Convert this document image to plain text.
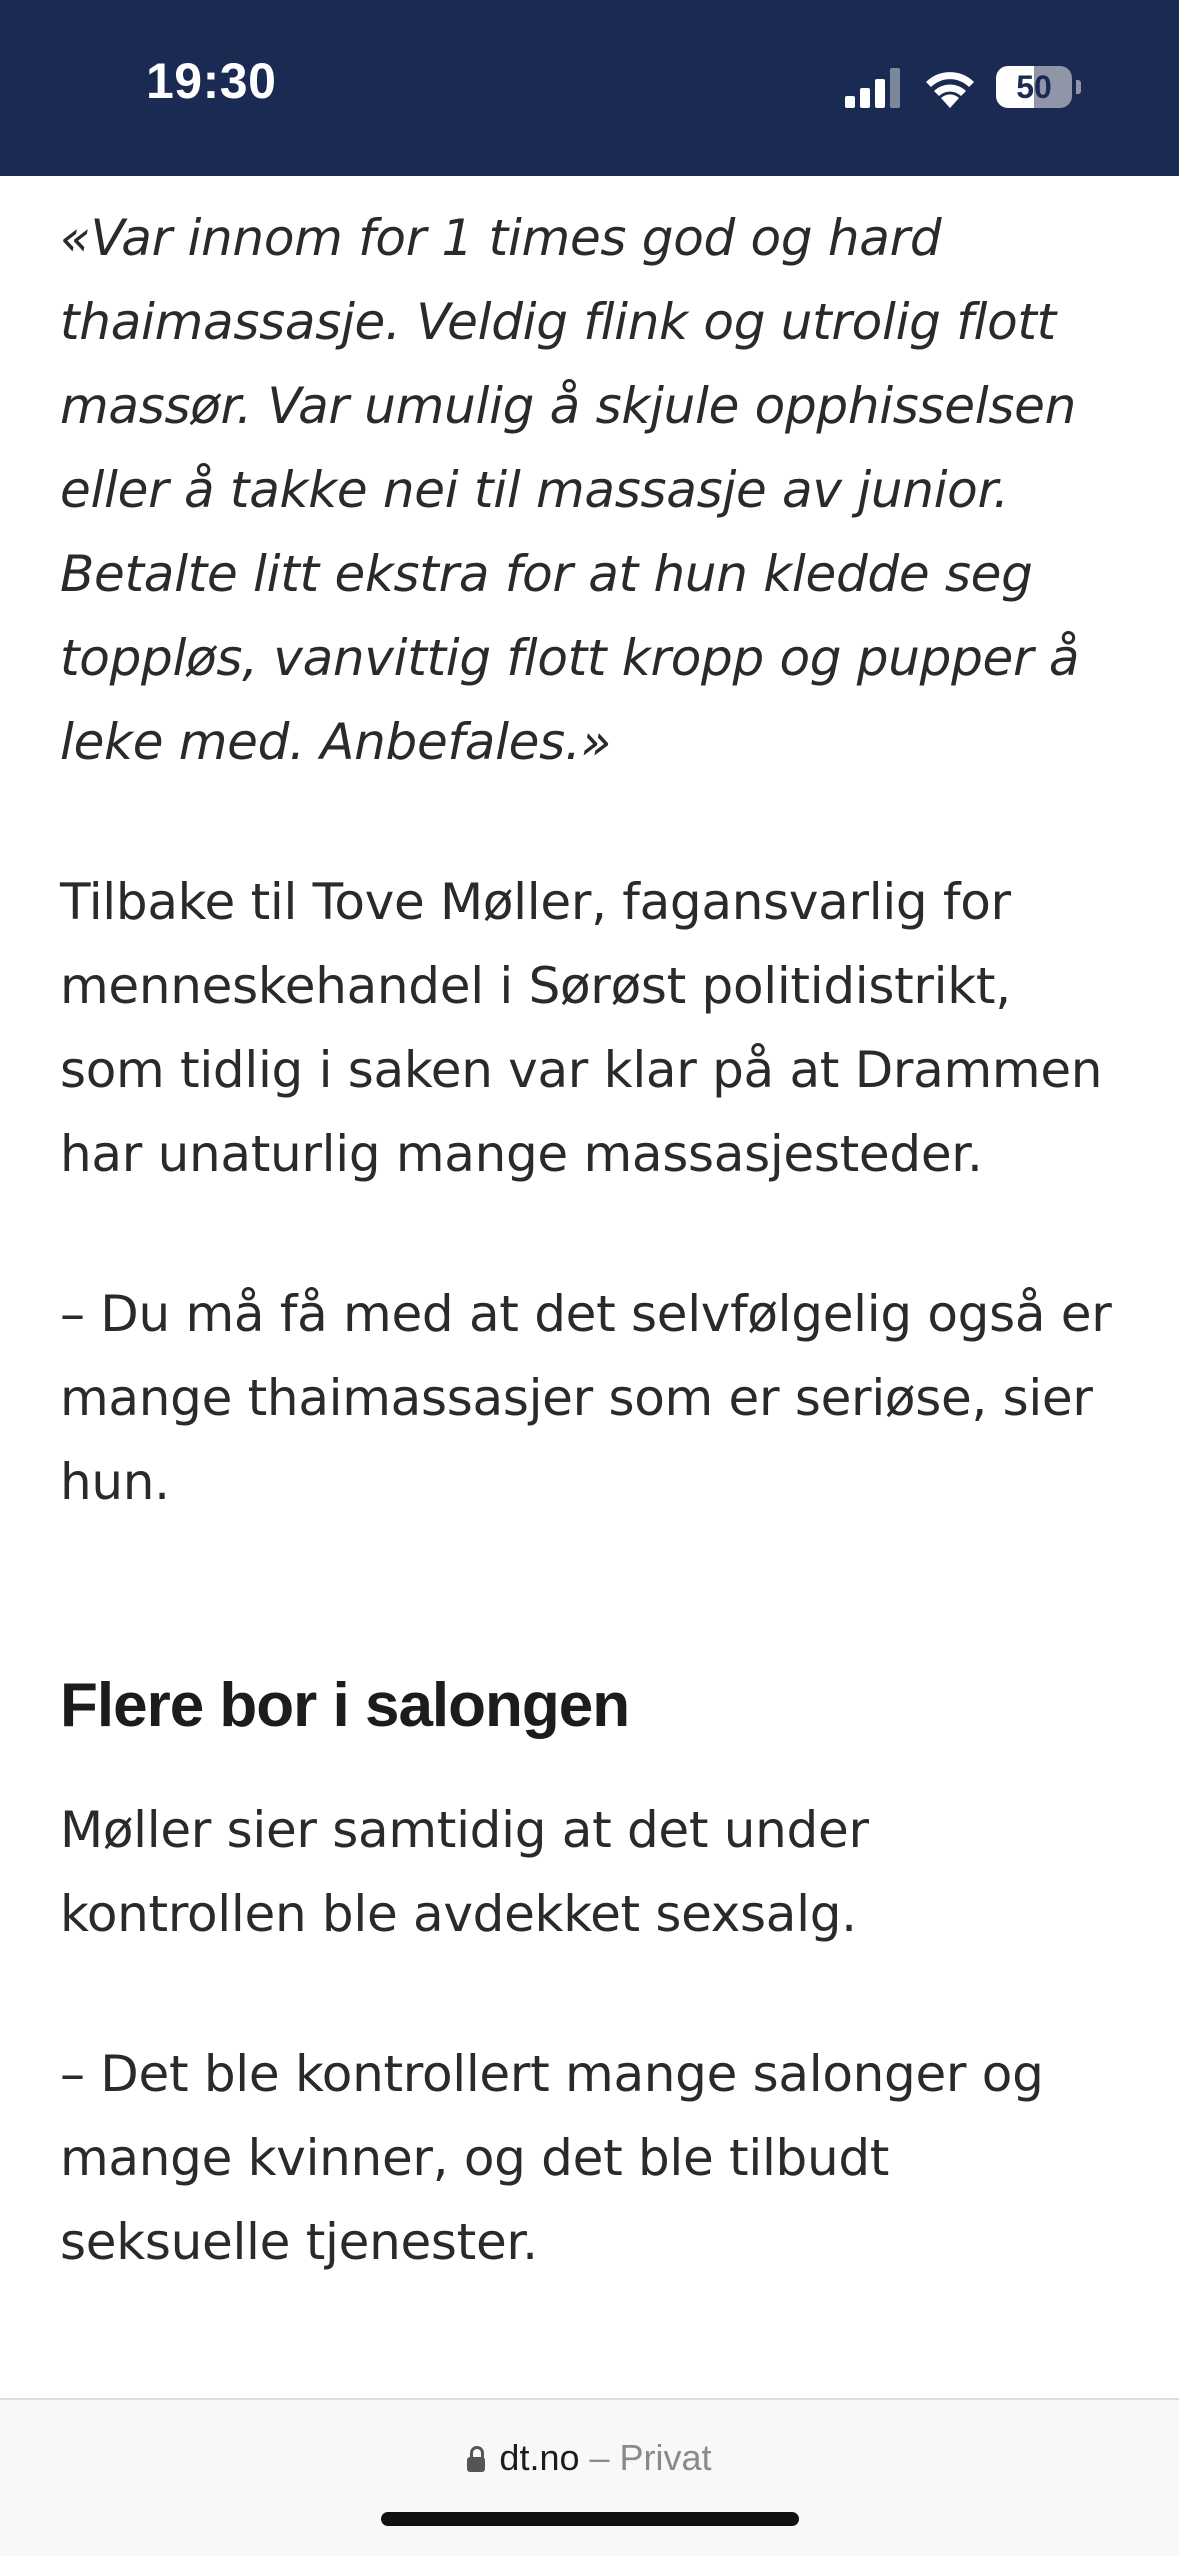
19:30	50

«Var innom for 1 times god og hard thaimassasje. Veldig flink og utrolig flott massør. Var umulig å skjule opphisselsen eller å takke nei til massasje av junior. Betalte litt ekstra for at hun kledde seg toppløs, vanvittig flott kropp og pupper å leke med. Anbefales.»

Tilbake til Tove Møller, fagansvarlig for menneskehandel i Sørøst politidistrikt, som tidlig i saken var klar på at Drammen har unaturlig mange massasjesteder.

– Du må få med at det selvfølgelig også er mange thaimassasjer som er seriøse, sier hun.

Flere bor i salongen

Møller sier samtidig at det under kontrollen ble avdekket sexsalg.

– Det ble kontrollert mange salonger og mange kvinner, og det ble tilbudt seksuelle tjenester.

dt.no – Privat
